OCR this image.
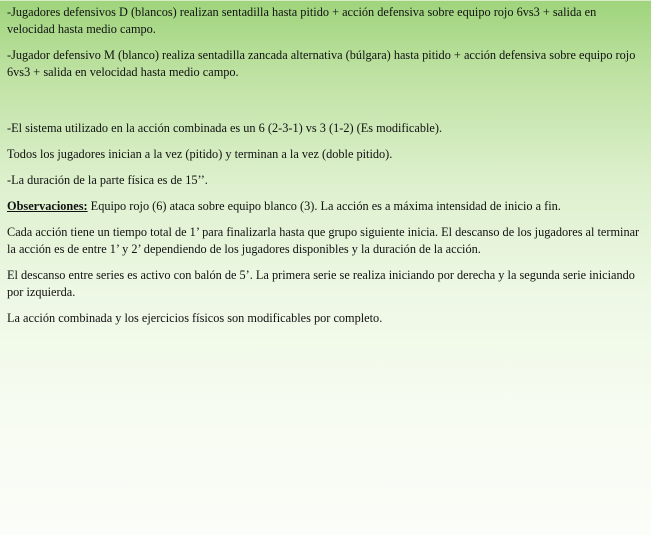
-Jugadores defensivos D (blancos) realizan sentadilla hasta pitido + acción defensiva sobre equipo rojo 6vs3 + salida en velocidad hasta medio campo.

-Jugador defensivo M (blanco) realiza sentadilla zancada alternativa (búlgara) hasta pitido + acción defensiva sobre equipo rojo 6vs3 + salida en velocidad hasta medio campo.

-El sistema utilizado en la acción combinada es un 6 (2-3-1) vs 3 (1-2) (Es modificable).

Todos los jugadores inician a la vez (pitido) y terminan a la vez (doble pitido).

-La duración de la parte física es de 15’’.

Observaciones: Equipo rojo (6) ataca sobre equipo blanco (3). La acción es a máxima intensidad de inicio a fin.

Cada acción tiene un tiempo total de 1’ para finalizarla hasta que grupo siguiente inicia. El descanso de los jugadores al terminar la acción es de entre 1’ y 2’ dependiendo de los jugadores disponibles y la duración de la acción.

El descanso entre series es activo con balón de 5’. La primera serie se realiza iniciando por derecha y la segunda serie iniciando por izquierda.

La acción combinada y los ejercicios físicos son modificables por completo.
